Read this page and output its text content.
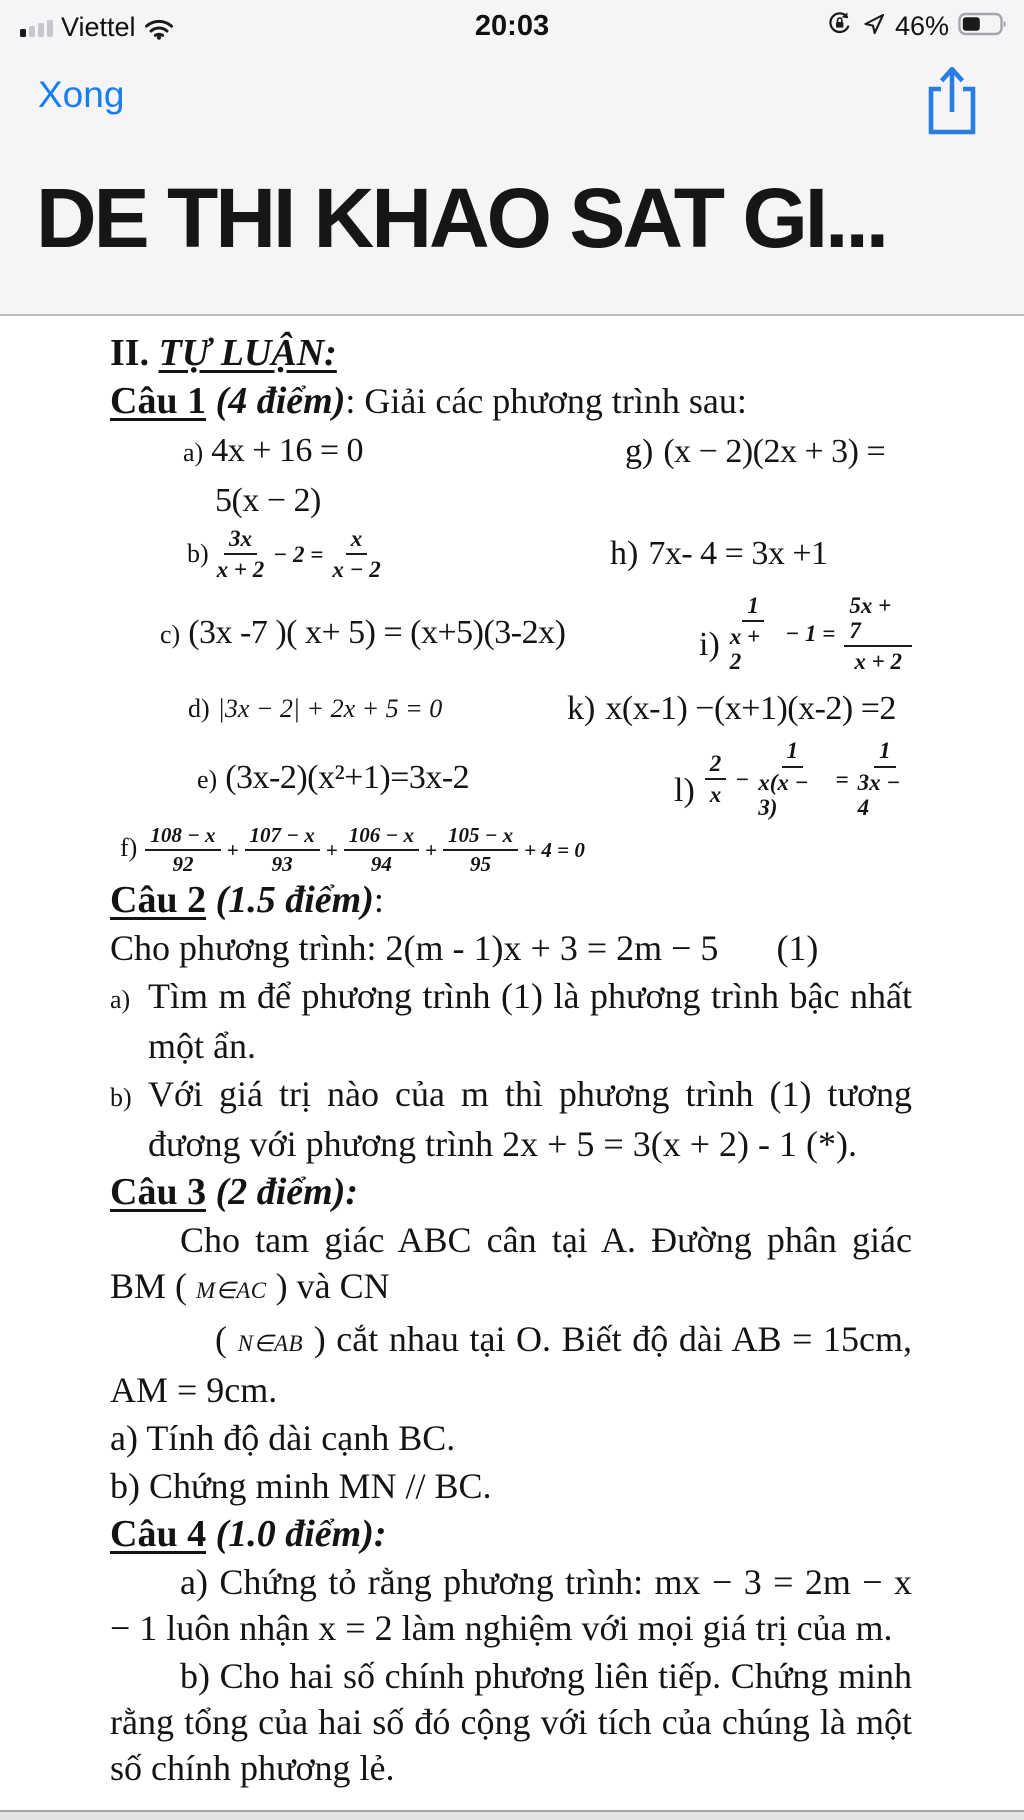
Viettel	20:03	46%
Xong
DE THI KHAO SAT GI...

II. TỰ LUẬN:

Câu 1 (4 điểm): Giải các phương trình sau:

a) 4x + 16 = 0	g) (x − 2)(2x + 3) =
5(x − 2)
$b) \frac{3x}{x + 2} - 2 = \frac{x}{x - 2}$	h) 7x- 4 = 3x +1
c) (3x -7 )( x+ 5) = (x+5)(3-2x)	$i) \frac{1}{x + 2} - 1 = \frac{5x + 7}{x + 2}$
d) |3x − 2| + 2x + 5 = 0	k) x(x-1) −(x+1)(x-2) =2
e) (3x-2)(x²+1)=3x-2	$l) \frac{2}{x} - \frac{1}{x(x - 3)} = \frac{1}{3x - 4}$
$f) \frac{108 - x}{92} + \frac{107 - x}{93} + \frac{106 - x}{94} + \frac{105 - x}{95} + 4 = 0$

Câu 2 (1.5 điểm):

Cho phương trình: 2(m - 1)x + 3 = 2m − 5 (1)

a) Tìm m để phương trình (1) là phương trình bậc nhất một ẩn.

b) Với giá trị nào của m thì phương trình (1) tương đương với phương trình 2x + 5 = 3(x + 2) - 1 (*).

Câu 3 (2 điểm):

Cho tam giác ABC cân tại A. Đường phân giác BM ( M∈AC ) và CN

( N∈AB ) cắt nhau tại O. Biết độ dài AB = 15cm, AM = 9cm.

a) Tính độ dài cạnh BC.

b) Chứng minh MN // BC.

Câu 4 (1.0 điểm):

a) Chứng tỏ rằng phương trình: mx − 3 = 2m − x − 1 luôn nhận x = 2 làm nghiệm với mọi giá trị của m.

b) Cho hai số chính phương liên tiếp. Chứng minh rằng tổng của hai số đó cộng với tích của chúng là một số chính phương lẻ.
